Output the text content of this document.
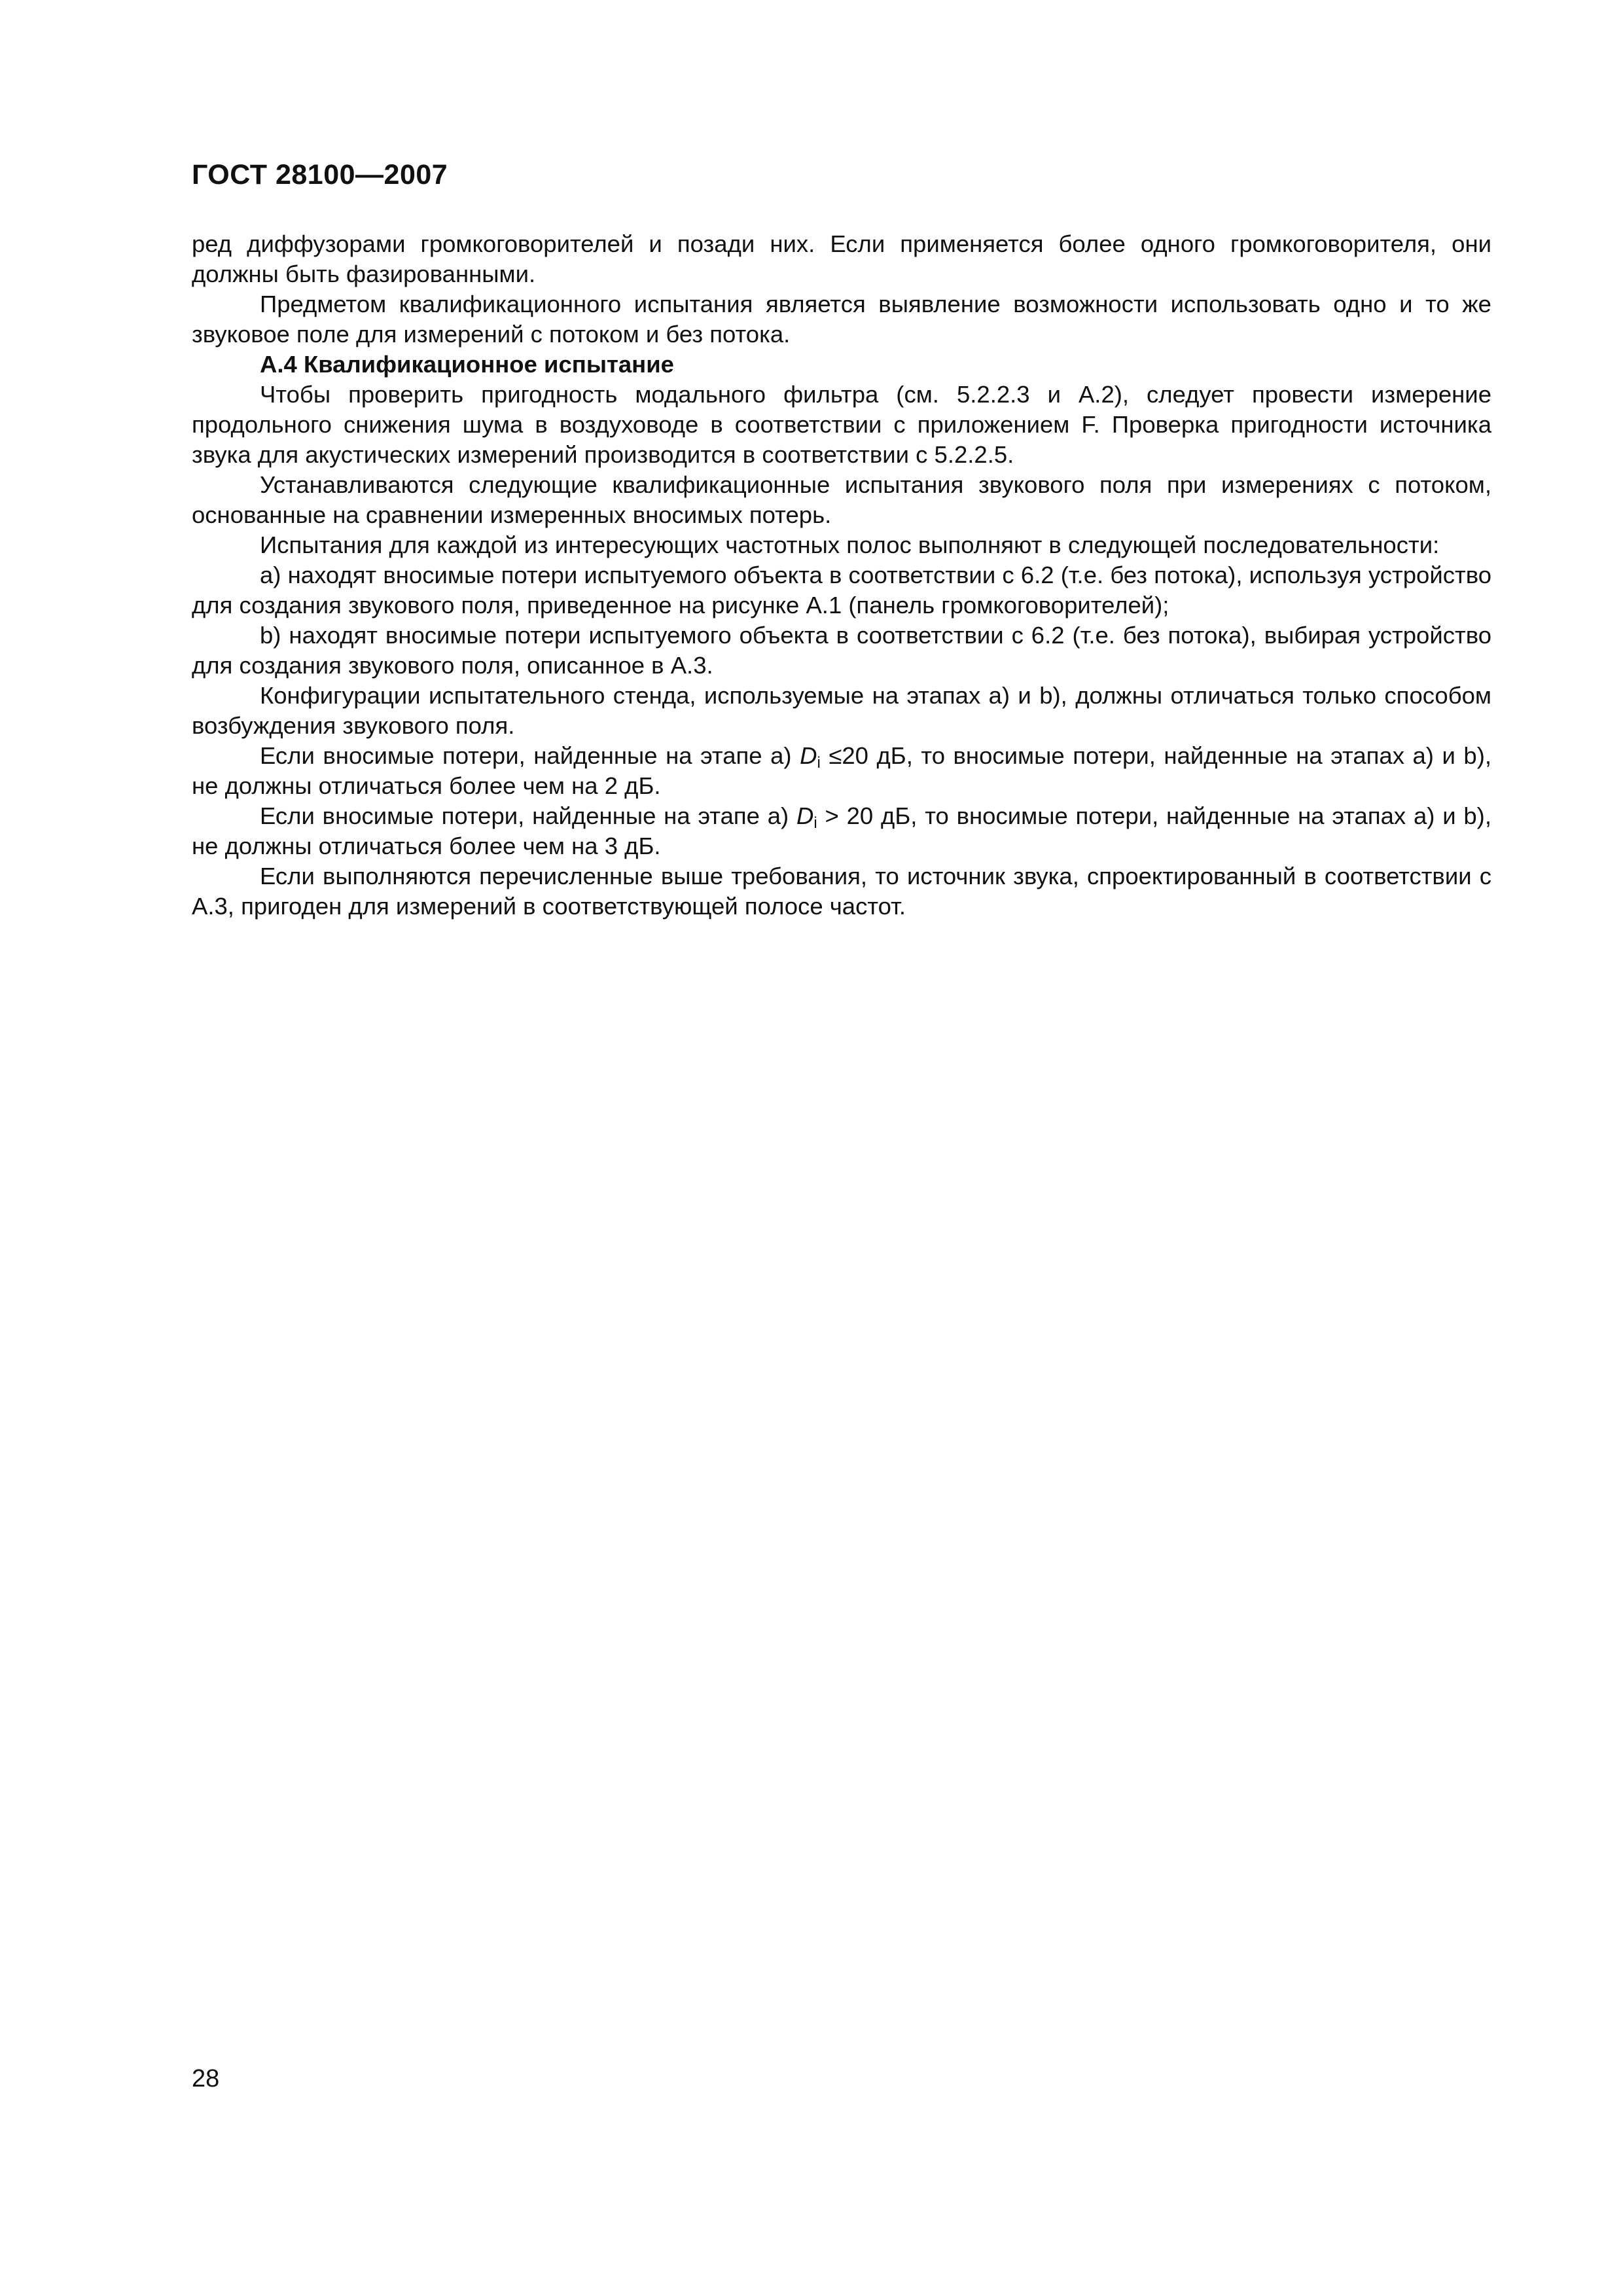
ГОСТ 28100—2007

ред диффузорами громкоговорителей и позади них. Если применяется более одного громкоговорителя, они должны быть фазированными.

Предметом квалификационного испытания является выявление возможности использовать одно и то же звуковое поле для измерений с потоком и без потока.

А.4 Квалификационное испытание

Чтобы проверить пригодность модального фильтра (см. 5.2.2.3 и А.2), следует провести измерение продольного снижения шума в воздуховоде в соответствии с приложением F. Проверка пригодности источника звука для акустических измерений производится в соответствии с 5.2.2.5.

Устанавливаются следующие квалификационные испытания звукового поля при измерениях с потоком, основанные на сравнении измеренных вносимых потерь.

Испытания для каждой из интересующих частотных полос выполняют в следующей последовательности:

а) находят вносимые потери испытуемого объекта в соответствии с 6.2 (т.е. без потока), используя устройство для создания звукового поля, приведенное на рисунке А.1 (панель громкоговорителей);

b) находят вносимые потери испытуемого объекта в соответствии с 6.2 (т.е. без потока), выбирая устройство для создания звукового поля, описанное в А.3.

Конфигурации испытательного стенда, используемые на этапах а) и b), должны отличаться только способом возбуждения звукового поля.

Если вносимые потери, найденные на этапе а) $D_i \le 20$ дБ, то вносимые потери, найденные на этапах а) и b), не должны отличаться более чем на 2 дБ.

Если вносимые потери, найденные на этапе а) $D_i > 20$ дБ, то вносимые потери, найденные на этапах а) и b), не должны отличаться более чем на 3 дБ.

Если выполняются перечисленные выше требования, то источник звука, спроектированный в соответствии с А.3, пригоден для измерений в соответствующей полосе частот.

28
